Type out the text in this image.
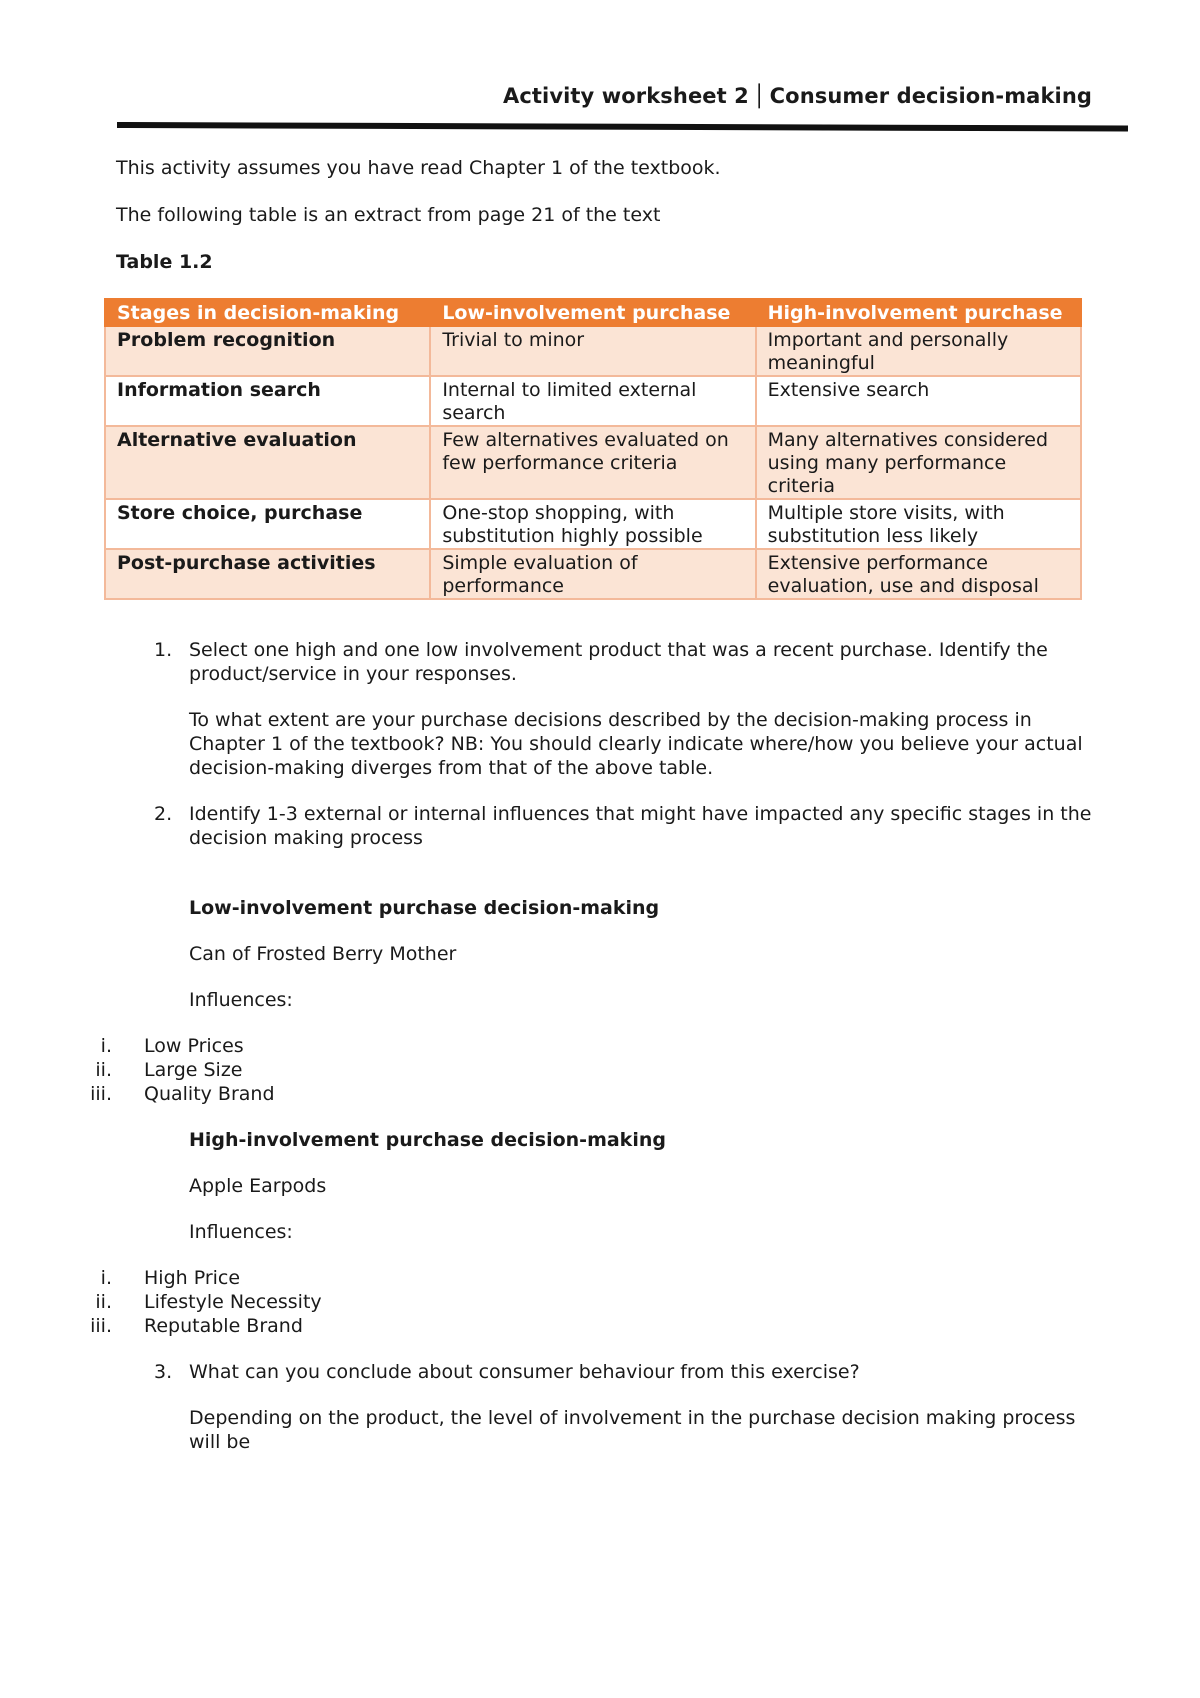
Activity worksheet 2 │ Consumer decision-making
This activity assumes you have read Chapter 1 of the textbook.
The following table is an extract from page 21 of the text
Table 1.2
Stages in decision-making	Low-involvement purchase	High-involvement purchase
Problem recognition	Trivial to minor	Important and personally meaningful
Information search	Internal to limited external search	Extensive search
Alternative evaluation	Few alternatives evaluated on few performance criteria	Many alternatives considered using many performance criteria
Store choice, purchase	One-stop shopping, with substitution highly possible	Multiple store visits, with substitution less likely
Post-purchase activities	Simple evaluation of performance	Extensive performance evaluation, use and disposal
1. Select one high and one low involvement product that was a recent purchase. Identify the product/service in your responses.

To what extent are your purchase decisions described by the decision-making process in Chapter 1 of the textbook? NB: You should clearly indicate where/how you believe your actual decision-making diverges from that of the above table.

2. Identify 1-3 external or internal influences that might have impacted any specific stages in the decision making process

Low-involvement purchase decision-making

Can of Frosted Berry Mother

Influences:

i. Low Prices
ii. Large Size
iii. Quality Brand

High-involvement purchase decision-making

Apple Earpods

Influences:

i. High Price
ii. Lifestyle Necessity
iii. Reputable Brand
3. What can you conclude about consumer behaviour from this exercise?

Depending on the product, the level of involvement in the purchase decision making process will be
